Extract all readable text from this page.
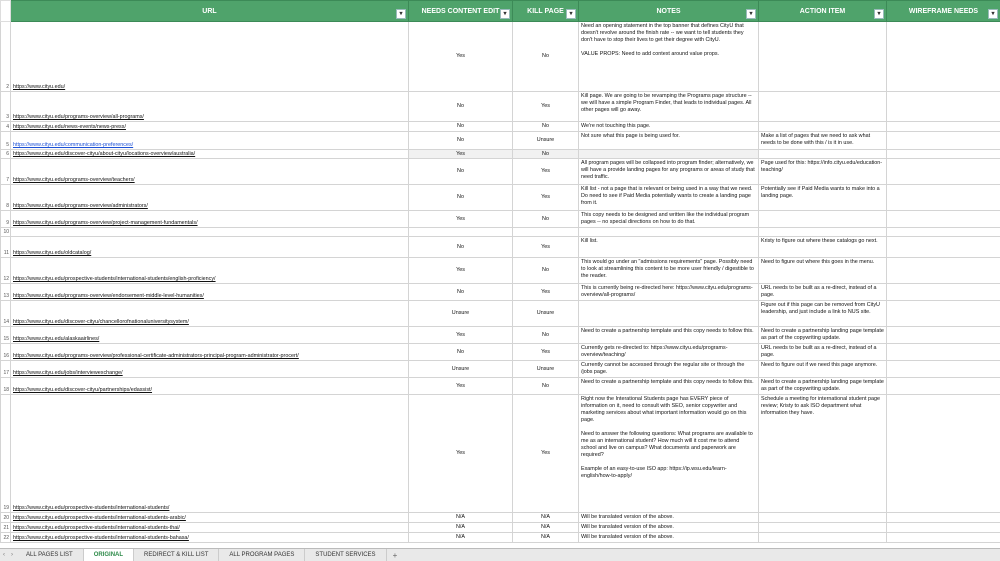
	URL ▾	NEEDS CONTENT EDIT ▾	KILL PAGE ▾	NOTES ▾	ACTION ITEM ▾	WIREFRAME NEEDS ▾

2	https://www.cityu.edu/	Yes	No	Need an opening statement in the top banner that defines CityU that doesn't revolve around the finish rate -- we want to tell students they don't have to stop their lives to get their degree with CityU.

VALUE PROPS: Need to add context around value props.		
3	https://www.cityu.edu/programs-overview/all-programs/	No	Yes	Kill page. We are going to be revamping the Programs page structure -- we will have a simple Program Finder, that leads to individual pages. All other pages will go away.		
4	https://www.cityu.edu/news-events/news-press/	No	No	We're not touching this page.		
5	https://www.cityu.edu/communication-preferences/	No	Unsure	Not sure what this page is being used for.	Make a list of pages that we need to ask what needs to be done with this / is it in use.	
6	https://www.cityu.edu/discover-cityu/about-cityu/locations-overview/australia/	Yes	No			
7	https://www.cityu.edu/programs-overview/teachers/	No	Yes	All program pages will be collapsed into program finder; alternatively, we will have a provide landing pages for any programs or areas of study that need traffic.	Page used for this: https://info.cityu.edu/education-teaching/	
8	https://www.cityu.edu/programs-overview/administrators/	No	Yes	Kill list - not a page that is relevant or being used in a way that we need. Do need to see if Paid Media potentially wants to create a landing page from it.	Potentially see if Paid Media wants to make into a landing page.	
9	https://www.cityu.edu/programs-overview/project-management-fundamentals/	Yes	No	This copy needs to be designed and written like the individual program pages -- no special directions on how to do that.		
10						
11	https://www.cityu.edu/oldcatalog/	No	Yes	Kill list.	Kristy to figure out where these catalogs go next.	
12	https://www.cityu.edu/prospective-students/international-students/english-proficiency/	Yes	No	This would go under an "admissions requirements" page. Possibly need to look at streamlining this content to be more user friendly / digestible to the reader.	Need to figure out where this goes in the menu.	
13	https://www.cityu.edu/programs-overview/endorsement-middle-level-humanities/	No	Yes	This is currently being re-directed here: https://www.cityu.edu/programs-overview/all-programs/	URL needs to be built as a re-direct, instead of a page.	
14	https://www.cityu.edu/discover-cityu/chancellorofnationaluniversitysystem/	Unsure	Unsure		Figure out if this page can be removed from CityU leadership, and just include a link to NUS site.	
15	https://www.cityu.edu/alaskaairlines/	Yes	No	Need to create a partnership template and this copy needs to follow this.	Need to create a partnership landing page template as part of the copywriting update.	
16	https://www.cityu.edu/programs-overview/professional-certificate-administrators-principal-program-administrator-procert/	No	Yes	Currently gets re-directed to: https://www.cityu.edu/programs-overview/teaching/	URL needs to be built as a re-direct, instead of a page.	
17	https://www.cityu.edu/jobs/interviewexchange/	Unsure	Unsure	Currently cannot be accessed through the regular site or through the /jobs page.	Need to figure out if we need this page anymore.	
18	https://www.cityu.edu/discover-cityu/partnerships/edassist/	Yes	No	Need to create a partnership template and this copy needs to follow this.	Need to create a partnership landing page template as part of the copywriting update.	
19	https://www.cityu.edu/prospective-students/international-students/	Yes	Yes	Right now the Interational Students page has EVERY piece of information on it, need to consult with SEO, senior copywriter and marketing services about what important information would go on this page.

Need to answer the following questions: What programs are available to me as an international student? How much will it cost me to attend school and live on campus? What documents and paperwork are required?

Example of an easy-to-use ISO app: https://ip.wsu.edu/learn-english/how-to-apply/	Schedule a meeting for international student page review; Kristy to ask ISO department what information they have.	
20	https://www.cityu.edu/prospective-students/international-students-arabic/	N/A	N/A	Will be translated version of the above.		
21	https://www.cityu.edu/prospective-students/international-students-thai/	N/A	N/A	Will be translated version of the above.		
22	https://www.cityu.edu/prospective-students/international-students-bahasa/	N/A	N/A	Will be translated version of the above.		
‹	›	ALL PAGES LIST	ORIGINAL	REDIRECT & KILL LIST	ALL PROGRAM PAGES	STUDENT SERVICES	+
